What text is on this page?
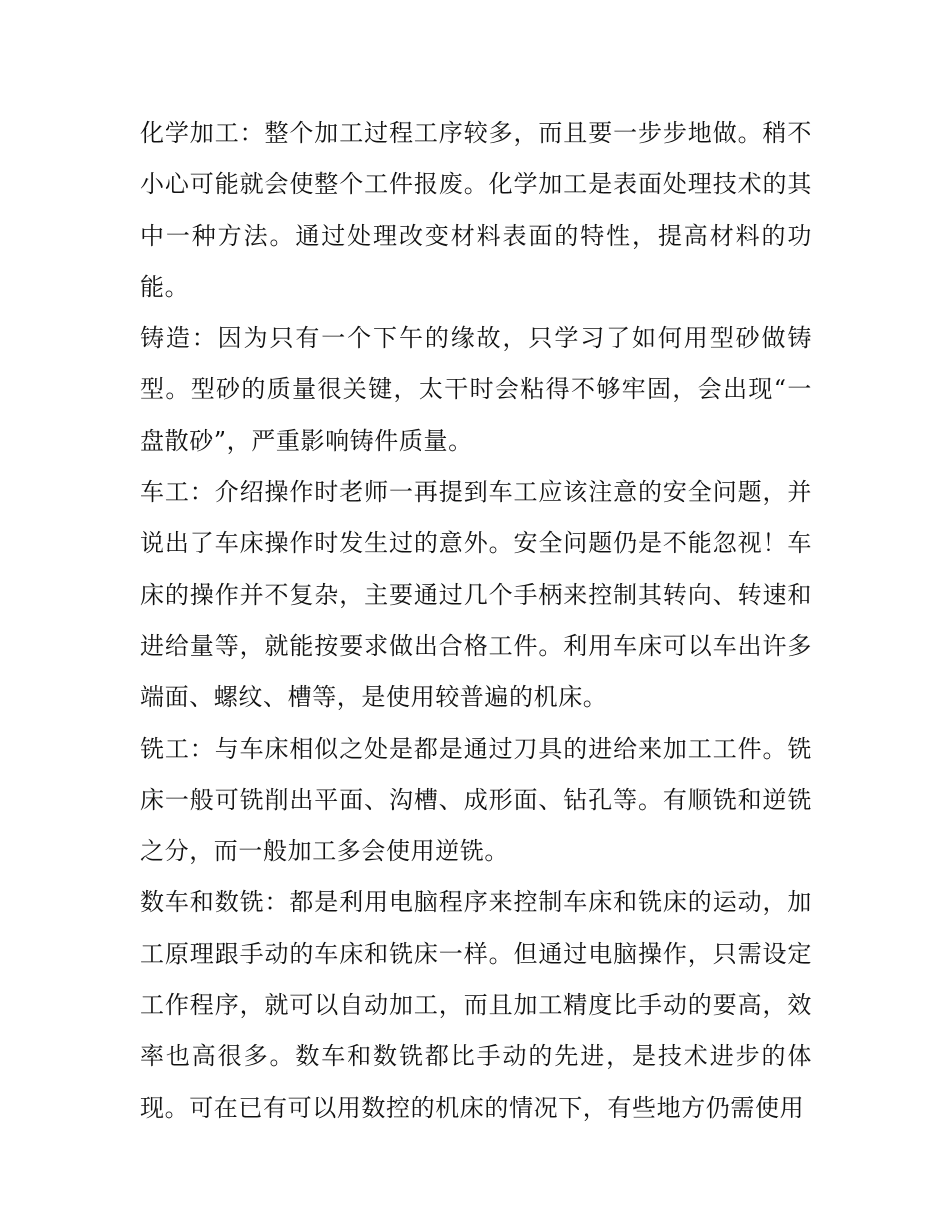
化学加工：整个加工过程工序较多，而且要一步步地做。稍不小心可能就会使整个工件报废。化学加工是表面处理技术的其中一种方法。通过处理改变材料表面的特性，提高材料的功能。

铸造：因为只有一个下午的缘故，只学习了如何用型砂做铸型。型砂的质量很关键，太干时会粘得不够牢固，会出现“一盘散砂”，严重影响铸件质量。

车工：介绍操作时老师一再提到车工应该注意的安全问题，并说出了车床操作时发生过的意外。安全问题仍是不能忽视！车床的操作并不复杂，主要通过几个手柄来控制其转向、转速和进给量等，就能按要求做出合格工件。利用车床可以车出许多端面、螺纹、槽等，是使用较普遍的机床。

铣工：与车床相似之处是都是通过刀具的进给来加工工件。铣床一般可铣削出平面、沟槽、成形面、钻孔等。有顺铣和逆铣之分，而一般加工多会使用逆铣。

数车和数铣：都是利用电脑程序来控制车床和铣床的运动，加工原理跟手动的车床和铣床一样。但通过电脑操作，只需设定工作程序，就可以自动加工，而且加工精度比手动的要高，效率也高很多。数车和数铣都比手动的先进，是技术进步的体现。可在已有可以用数控的机床的情况下，有些地方仍需使用
